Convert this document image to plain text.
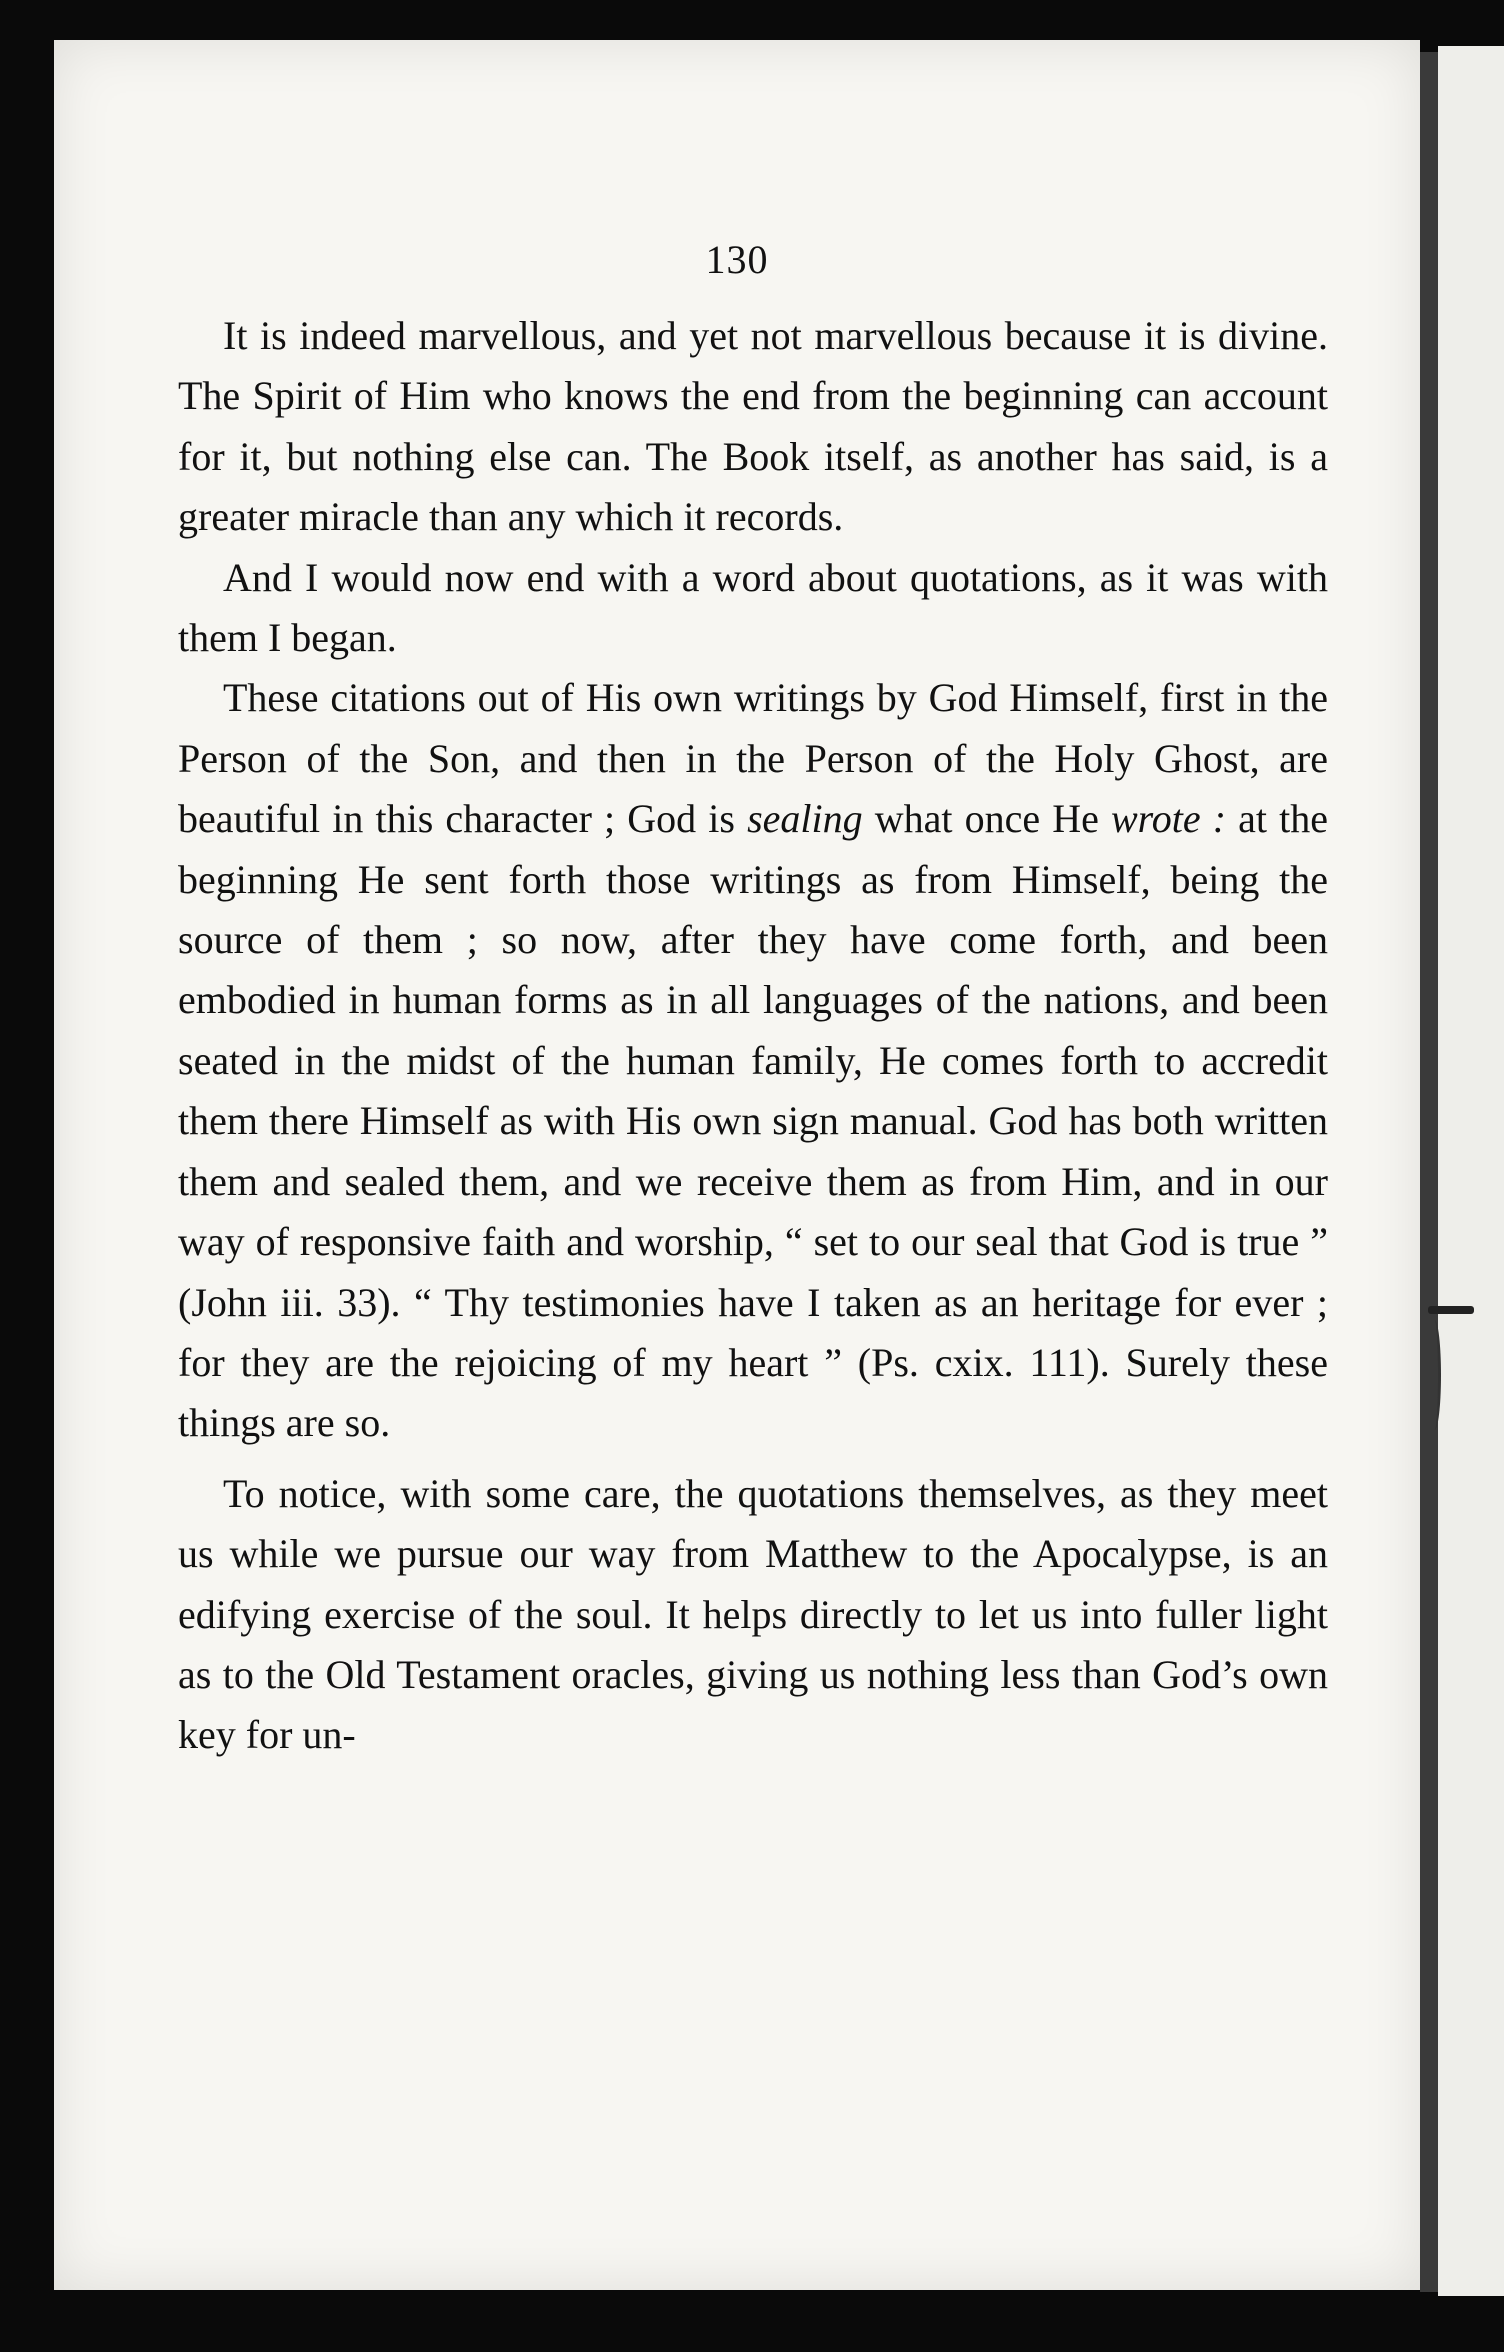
130

It is indeed marvellous, and yet not marvellous because it is divine. The Spirit of Him who knows the end from the beginning can account for it, but nothing else can. The Book itself, as another has said, is a greater miracle than any which it records.

And I would now end with a word about quotations, as it was with them I began.

These citations out of His own writings by God Himself, first in the Person of the Son, and then in the Person of the Holy Ghost, are beautiful in this character ; God is sealing what once He wrote : at the beginning He sent forth those writings as from Himself, being the source of them ; so now, after they have come forth, and been embodied in human forms as in all languages of the nations, and been seated in the midst of the human family, He comes forth to accredit them there Himself as with His own sign manual. God has both written them and sealed them, and we receive them as from Him, and in our way of responsive faith and worship, “ set to our seal that God is true ” (John iii. 33). “ Thy testimonies have I taken as an heritage for ever ; for they are the rejoicing of my heart ” (Ps. cxix. 111). Surely these things are so.

To notice, with some care, the quotations themselves, as they meet us while we pursue our way from Matthew to the Apocalypse, is an edifying exercise of the soul. It helps directly to let us into fuller light as to the Old Testament oracles, giving us nothing less than God’s own key for un-
